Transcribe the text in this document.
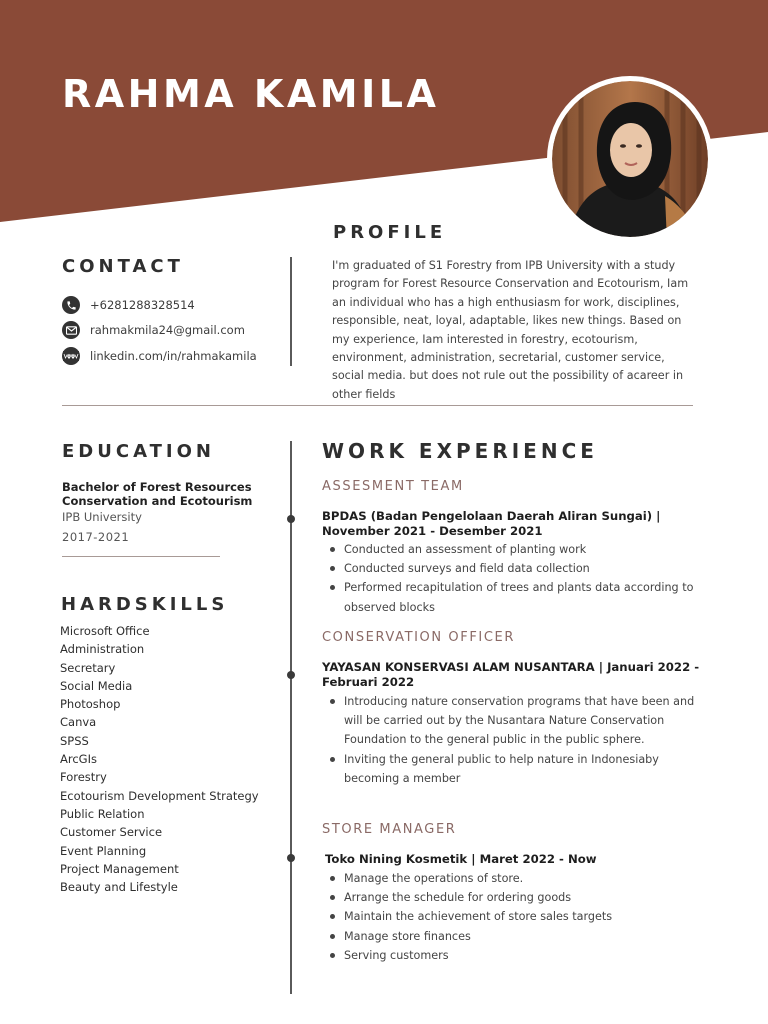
RAHMA KAMILA
PROFILE
CONTACT
+6281288328514
rahmakmila24@gmail.com
linkedin.com/in/rahmakamila
I'm graduated of S1 Forestry from IPB University with a study program for Forest Resource Conservation and Ecotourism, Iam an individual who has a high enthusiasm for work, disciplines, responsible, neat, loyal, adaptable, likes new things. Based on my experience, Iam interested in forestry, ecotourism, environment, administration, secretarial, customer service, social media. but does not rule out the possibility of acareer in other fields
EDUCATION
Bachelor of Forest Resources Conservation and Ecotourism
IPB University
2017-2021
HARDSKILLS
Microsoft Office
Administration
Secretary
Social Media
Photoshop
Canva
SPSS
ArcGIs
Forestry
Ecotourism Development Strategy
Public Relation
Customer Service
Event Planning
Project Management
Beauty and Lifestyle
WORK EXPERIENCE
ASSESMENT TEAM
BPDAS (Badan Pengelolaan Daerah Aliran Sungai) | November 2021 - Desember 2021
Conducted an assessment of planting work
Conducted surveys and field data collection
Performed recapitulation of trees and plants data according to observed blocks
CONSERVATION OFFICER
YAYASAN KONSERVASI ALAM NUSANTARA | Januari 2022 - Februari 2022
Introducing nature conservation programs that have been and will be carried out by the Nusantara Nature Conservation Foundation to the general public in the public sphere.
Inviting the general public to help nature in Indonesiaby becoming a member
STORE MANAGER
Toko Nining Kosmetik | Maret 2022 - Now
Manage the operations of store.
Arrange the schedule for ordering goods
Maintain the achievement of store sales targets
Manage store finances
Serving customers
